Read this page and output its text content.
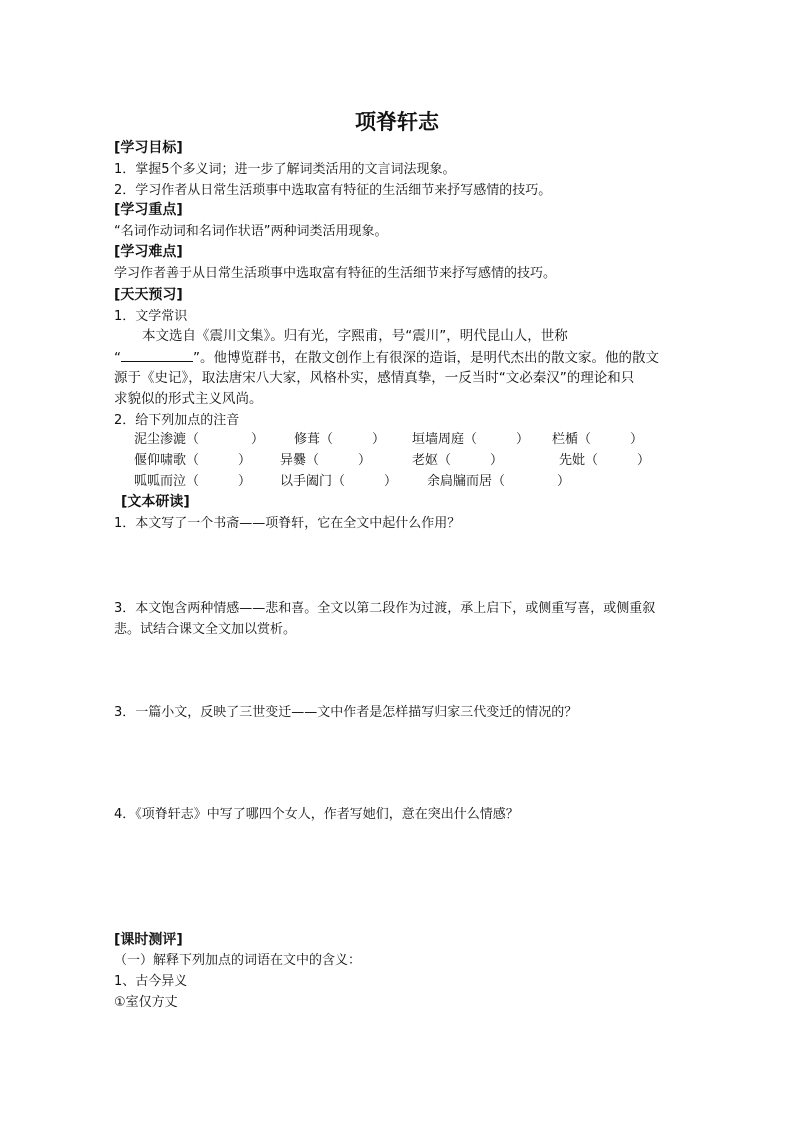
项脊轩志
[学习目标]
1．掌握5个多义词；进一步了解词类活用的文言词法现象。
2．学习作者从日常生活琐事中选取富有特征的生活细节来抒写感情的技巧。
[学习重点]
“名词作动词和名词作状语”两种词类活用现象。
[学习难点]
学习作者善于从日常生活琐事中选取富有特征的生活细节来抒写感情的技巧。
[天天预习]
1．文学常识
本文选自《震川文集》。归有光，字熙甫，号“震川”，明代昆山人，世称
“	”。他博览群书，在散文创作上有很深的造诣，是明代杰出的散文家。他的散文
源于《史记》，取法唐宋八大家，风格朴实，感情真挚，一反当时“文必秦汉”的理论和只
求貌似的形式主义风尚。
2．给下列加点的注音
泥尘渗漉（　　　　） 修葺（　　　） 垣墙周庭（　　　） 栏楯（　　　）
偃仰啸歌（　　　） 异爨（　　　）	老妪（　　　）	先妣（　　　）
呱呱而泣（　　　） 以手阖门（　　　） 余扃牖而居（　　　　）
[文本研读]
1．本文写了一个书斋——项脊轩，它在全文中起什么作用？
3．本文饱含两种情感——悲和喜。全文以第二段作为过渡，承上启下，或侧重写喜，或侧重叙
悲。试结合课文全文加以赏析。
3．一篇小文，反映了三世变迁——文中作者是怎样描写归家三代变迁的情况的？
4．《项脊轩志》中写了哪四个女人，作者写她们，意在突出什么情感？
[课时测评]
（一）解释下列加点的词语在文中的含义：
1、古今异义
①室仅方丈
